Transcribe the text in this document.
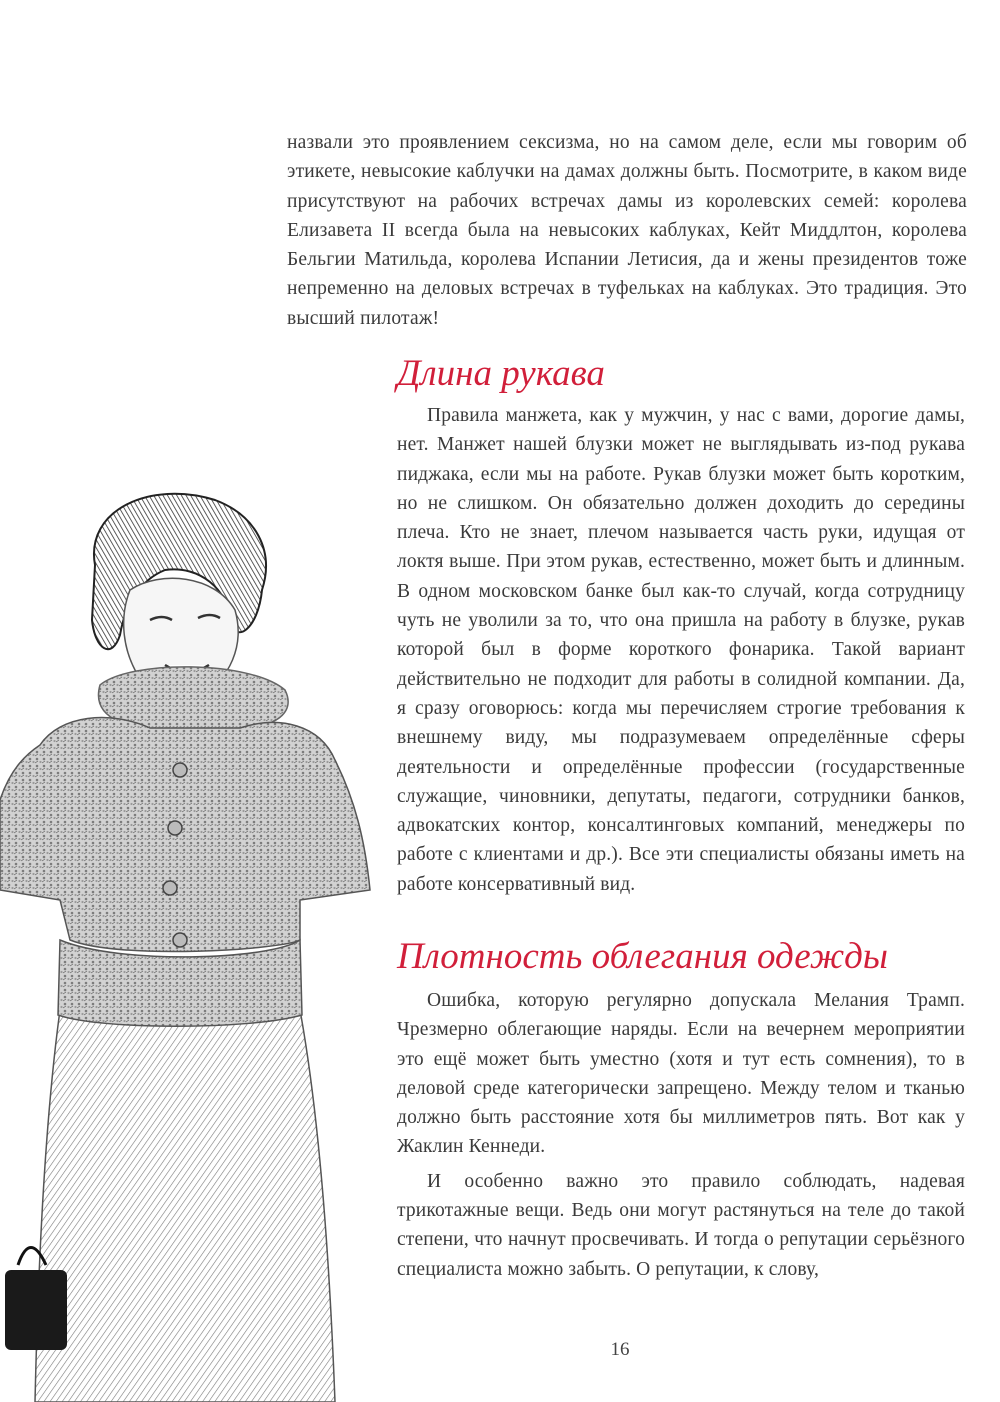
назвали это проявлением сексизма, но на самом деле, если мы говорим об этикете, невысокие каблучки на дамах должны быть. Посмотрите, в каком виде присутствуют на рабочих встречах дамы из королевских семей: королева Елизавета II всегда была на невысоких каблуках, Кейт Миддлтон, королева Бельгии Матильда, королева Испании Летисия, да и жены президентов тоже непременно на деловых встречах в туфельках на каблуках. Это традиция. Это высший пилотаж!

Длина рукава

Правила манжета, как у мужчин, у нас с вами, дорогие дамы, нет. Манжет нашей блузки может не выглядывать из-под рукава пиджака, если мы на работе. Рукав блузки может быть коротким, но не слишком. Он обязательно должен доходить до середины плеча. Кто не знает, плечом называется часть руки, идущая от локтя выше. При этом рукав, естественно, может быть и длинным. В одном московском банке был как-то случай, когда сотрудницу чуть не уволили за то, что она пришла на работу в блузке, рукав которой был в форме короткого фонарика. Такой вариант действительно не подходит для работы в солидной компании. Да, я сразу оговорюсь: когда мы перечисляем строгие требования к внешнему виду, мы подразумеваем определённые сферы деятельности и определённые профессии (государственные служащие, чиновники, депутаты, педагоги, сотрудники банков, адвокатских контор, консалтинговых компаний, менеджеры по работе с клиентами и др.). Все эти специалисты обязаны иметь на работе консервативный вид.

Плотность облегания одежды

Ошибка, которую регулярно допускала Мелания Трамп. Чрезмерно облегающие наряды. Если на вечернем мероприятии это ещё может быть уместно (хотя и тут есть сомнения), то в деловой среде категорически запрещено. Между телом и тканью должно быть расстояние хотя бы миллиметров пять. Вот как у Жаклин Кеннеди.

И особенно важно это правило соблюдать, надевая трикотажные вещи. Ведь они могут растянуться на теле до такой степени, что начнут просвечивать. И тогда о репутации серьёзного специалиста можно забыть. О репутации, к слову,

16
